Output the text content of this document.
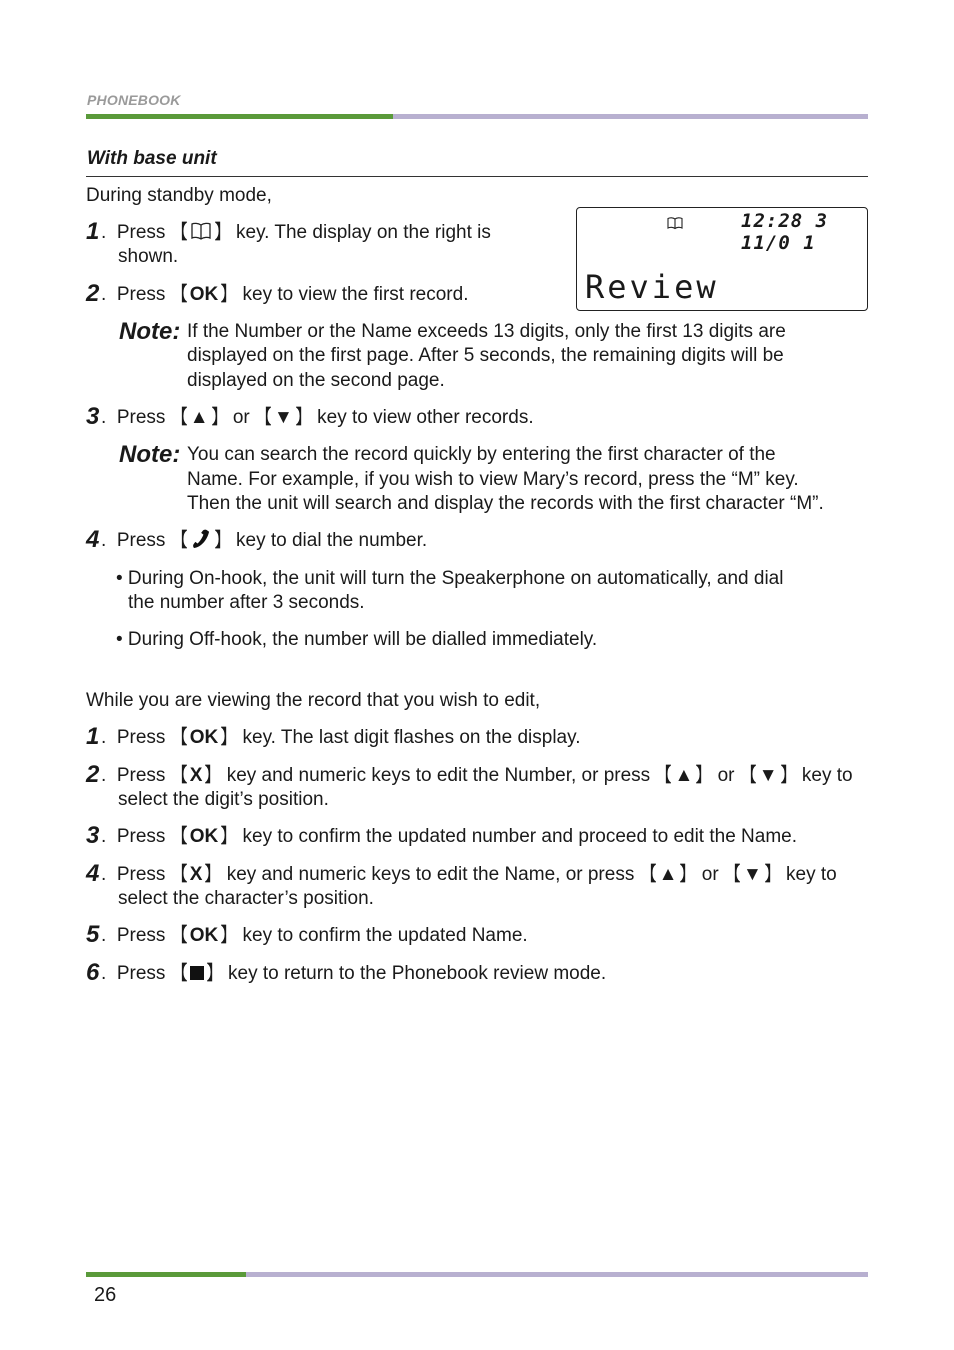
PHONEBOOK
With base unit
During standby mode,
1 . Press 【 】 key. The display on the right is
shown.
2 . Press 【 OK 】 key to view the first record.
12:28 3 11/0 1
Review
Note: If the Number or the Name exceeds 13 digits, only the first 13 digits are
displayed on the first page. After 5 seconds, the remaining digits will be
displayed on the second page.
3 . Press 【 ▲ 】 or 【 ▼ 】 key to view other records.
Note: You can search the record quickly by entering the first character of the
Name. For example, if you wish to view Mary’s record, press the “M” key.
Then the unit will search and display the records with the first character “M”.
4 . Press 【 】 key to dial the number.
• During On-hook, the unit will turn the Speakerphone on automatically, and dial
the number after 3 seconds.
• During Off-hook, the number will be dialled immediately.
While you are viewing the record that you wish to edit,
1 . Press 【 OK 】 key. The last digit flashes on the display.
2 . Press 【 X 】 key and numeric keys to edit the Number, or press 【 ▲ 】 or 【 ▼ 】 key to
select the digit’s position.
3 . Press 【 OK 】 key to confirm the updated number and proceed to edit the Name.
4 . Press 【 X 】 key and numeric keys to edit the Name, or press 【 ▲ 】 or 【 ▼ 】 key to
select the character’s position.
5 . Press 【 OK 】 key to confirm the updated Name.
6 . Press 【 】 key to return to the Phonebook review mode.
26
